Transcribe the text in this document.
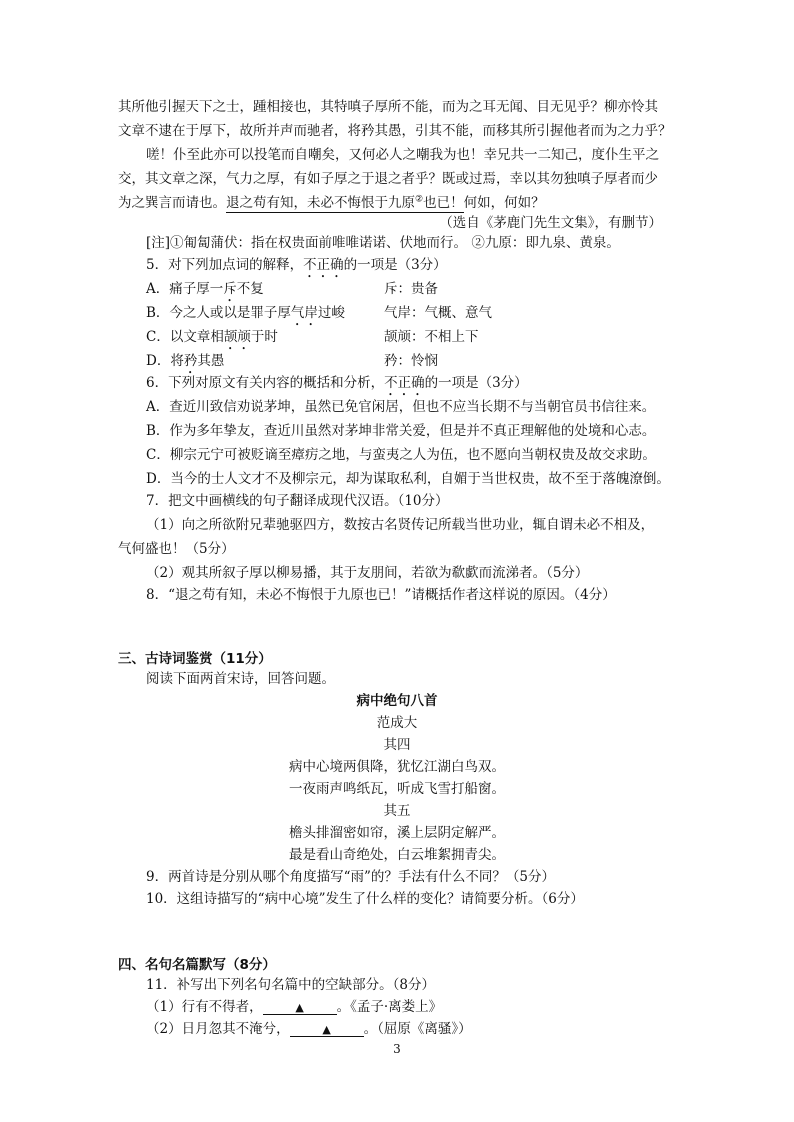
其所他引握天下之士，踵相接也，其特嗔子厚所不能，而为之耳无闻、目无见乎？柳亦怜其
文章不逮在于厚下，故所并声而驰者，将矜其愚，引其不能，而移其所引握他者而为之力乎？
嗟！仆至此亦可以投笔而自嘲矣，又何必人之嘲我为也！幸兄共一二知己，度仆生平之
交，其文章之深，气力之厚，有如子厚之于退之者乎？既或过焉，幸以其勿独嗔子厚者而少
为之巽言而请也。退之苟有知，未必不悔恨于九原②也已！何如，何如？
（选自《茅鹿门先生文集》，有删节）
[注]①匍匐蒲伏：指在权贵面前唯唯诺诺、伏地而行。 ②九原：即九泉、黄泉。
5．对下列加点词的解释，不正确的一项是（3分）
A．痛子厚一斥不复	斥：贵备
B．今之人或以是罪子厚气岸过峻	气岸：气概、意气
C．以文章相颉颃于时	颉颃：不相上下
D．将矜其愚	矜：怜悯
6．下列对原文有关内容的概括和分析，不正确的一项是（3分）
A．查近川致信劝说茅坤，虽然已免官闲居，但也不应当长期不与当朝官员书信往来。
B．作为多年挚友，查近川虽然对茅坤非常关爱，但是并不真正理解他的处境和心志。
C．柳宗元宁可被贬谪至瘴疠之地，与蛮夷之人为伍，也不愿向当朝权贵及故交求助。
D．当今的士人文才不及柳宗元，却为谋取私利，自媚于当世权贵，故不至于落魄潦倒。
7．把文中画横线的句子翻译成现代汉语。（10分）
（1）向之所欲附兄辈驰驱四方，数按古名贤传记所载当世功业，辄自谓未必不相及，
气何盛也！（5分）
（2）观其所叙子厚以柳易播，其于友朋间，若欲为欷歔而流涕者。（5分）
8．“退之苟有知，未必不悔恨于九原也已！”请概括作者这样说的原因。（4分）
三、古诗词鉴赏（11分）
阅读下面两首宋诗，回答问题。
病中绝句八首
范成大
其四
病中心境两俱降，犹忆江湖白鸟双。
一夜雨声鸣纸瓦，听成飞雪打船窗。
其五
檐头排溜密如帘，溪上层阴定解严。
最是看山奇绝处，白云堆絮拥青尖。
9．两首诗是分别从哪个角度描写“雨”的？手法有什么不同？（5分）
10．这组诗描写的“病中心境”发生了什么样的变化？请简要分析。（6分）
四、名句名篇默写（8分）
11．补写出下列名句名篇中的空缺部分。（8分）
（1）行有不得者，	▲ 。《孟子·离娄上》
（2）日月忽其不淹兮，	▲ 。（屈原《离骚》）
3
